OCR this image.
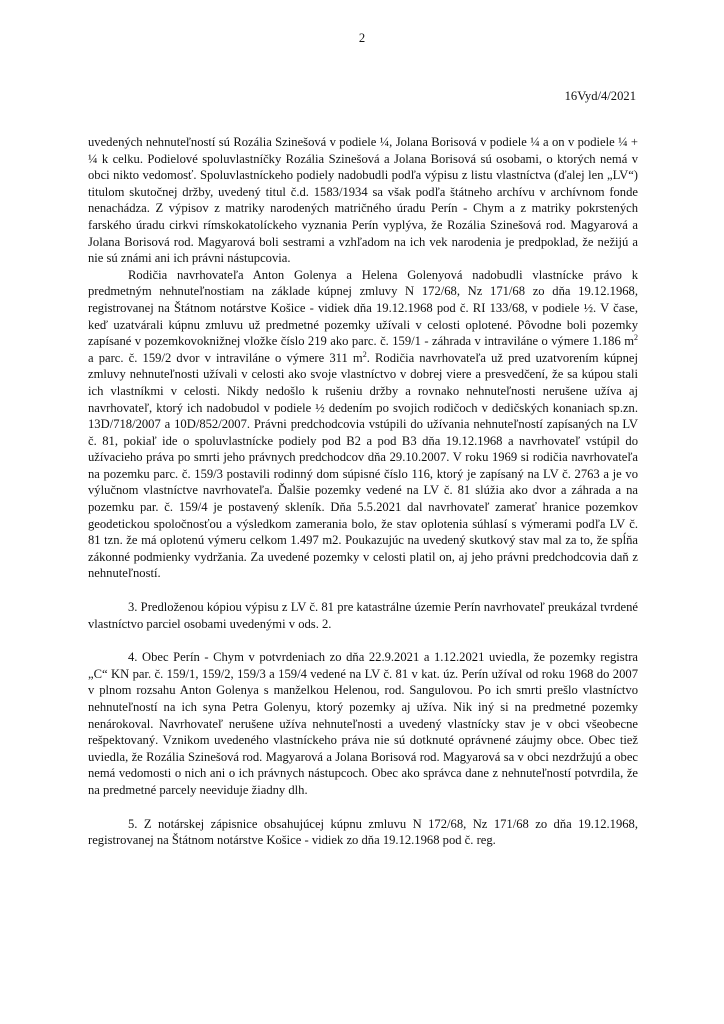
2
16Vyd/4/2021

uvedených nehnuteľností sú Rozália Szinešová v podiele ¼, Jolana Borisová v podiele ¼ a on v podiele ¼ + ¼ k celku. Podielové spoluvlastníčky Rozália Szinešová a Jolana Borisová sú osobami, o ktorých nemá v obci nikto vedomosť. Spoluvlastníckeho podiely nadobudli podľa výpisu z listu vlastníctva (ďalej len „LV“) titulom skutočnej držby, uvedený titul č.d. 1583/1934 sa však podľa štátneho archívu v archívnom fonde nenachádza. Z výpisov z matriky narodených matričného úradu Perín - Chym a z matriky pokrstených farského úradu cirkvi rímskokatolíckeho vyznania Perín vyplýva, že Rozália Szinešová rod. Magyarová a Jolana Borisová rod. Magyarová boli sestrami a vzhľadom na ich vek narodenia je predpoklad, že nežijú a nie sú známi ani ich právni nástupcovia.

Rodičia navrhovateľa Anton Golenya a Helena Golenyová nadobudli vlastnícke právo k predmetným nehnuteľnostiam na základe kúpnej zmluvy N 172/68, Nz 171/68 zo dňa 19.12.1968, registrovanej na Štátnom notárstve Košice - vidiek dňa 19.12.1968 pod č. RI 133/68, v podiele ½. V čase, keď uzatvárali kúpnu zmluvu už predmetné pozemky užívali v celosti oplotené. Pôvodne boli pozemky zapísané v pozemkovoknižnej vložke číslo 219 ako parc. č. 159/1 - záhrada v intraviláne o výmere 1.186 $m^2$ a parc. č. 159/2 dvor v intraviláne o výmere 311 $m^2$. Rodičia navrhovateľa už pred uzatvorením kúpnej zmluvy nehnuteľnosti užívali v celosti ako svoje vlastníctvo v dobrej viere a presvedčení, že sa kúpou stali ich vlastníkmi v celosti. Nikdy nedošlo k rušeniu držby a rovnako nehnuteľnosti nerušene užíva aj navrhovateľ, ktorý ich nadobudol v podiele ½ dedením po svojich rodičoch v dedičských konaniach sp.zn. 13D/718/2007 a 10D/852/2007. Právni predchodcovia vstúpili do užívania nehnuteľností zapísaných na LV č. 81, pokiaľ ide o spoluvlastnícke podiely pod B2 a pod B3 dňa 19.12.1968 a navrhovateľ vstúpil do užívacieho práva po smrti jeho právnych predchodcov dňa 29.10.2007. V roku 1969 si rodičia navrhovateľa na pozemku parc. č. 159/3 postavili rodinný dom súpisné číslo 116, ktorý je zapísaný na LV č. 2763 a je vo výlučnom vlastníctve navrhovateľa. Ďalšie pozemky vedené na LV č. 81 slúžia ako dvor a záhrada a na pozemku par. č. 159/4 je postavený skleník. Dňa 5.5.2021 dal navrhovateľ zamerať hranice pozemkov geodetickou spoločnosťou a výsledkom zamerania bolo, že stav oplotenia súhlasí s výmerami podľa LV č. 81 tzn. že má oplotenú výmeru celkom 1.497 m2. Poukazujúc na uvedený skutkový stav mal za to, že spĺňa zákonné podmienky vydržania. Za uvedené pozemky v celosti platil on, aj jeho právni predchodcovia daň z nehnuteľností.

3. Predloženou kópiou výpisu z LV č. 81 pre katastrálne územie Perín navrhovateľ preukázal tvrdené vlastníctvo parciel osobami uvedenými v ods. 2.

4. Obec Perín - Chym v potvrdeniach zo dňa 22.9.2021 a 1.12.2021 uviedla, že pozemky registra „C“ KN par. č. 159/1, 159/2, 159/3 a 159/4 vedené na LV č. 81 v kat. úz. Perín užíval od roku 1968 do 2007 v plnom rozsahu Anton Golenya s manželkou Helenou, rod. Sangulovou. Po ich smrti prešlo vlastníctvo nehnuteľností na ich syna Petra Golenyu, ktorý pozemky aj užíva. Nik iný si na predmetné pozemky nenárokoval. Navrhovateľ nerušene užíva nehnuteľnosti a uvedený vlastnícky stav je v obci všeobecne rešpektovaný. Vznikom uvedeného vlastníckeho práva nie sú dotknuté oprávnené záujmy obce. Obec tiež uviedla, že Rozália Szinešová rod. Magyarová a Jolana Borisová rod. Magyarová sa v obci nezdržujú a obec nemá vedomosti o nich ani o ich právnych nástupcoch. Obec ako správca dane z nehnuteľností potvrdila, že na predmetné parcely neeviduje žiadny dlh.

5. Z notárskej zápisnice obsahujúcej kúpnu zmluvu N 172/68, Nz 171/68 zo dňa 19.12.1968, registrovanej na Štátnom notárstve Košice - vidiek zo dňa 19.12.1968 pod č. reg.
